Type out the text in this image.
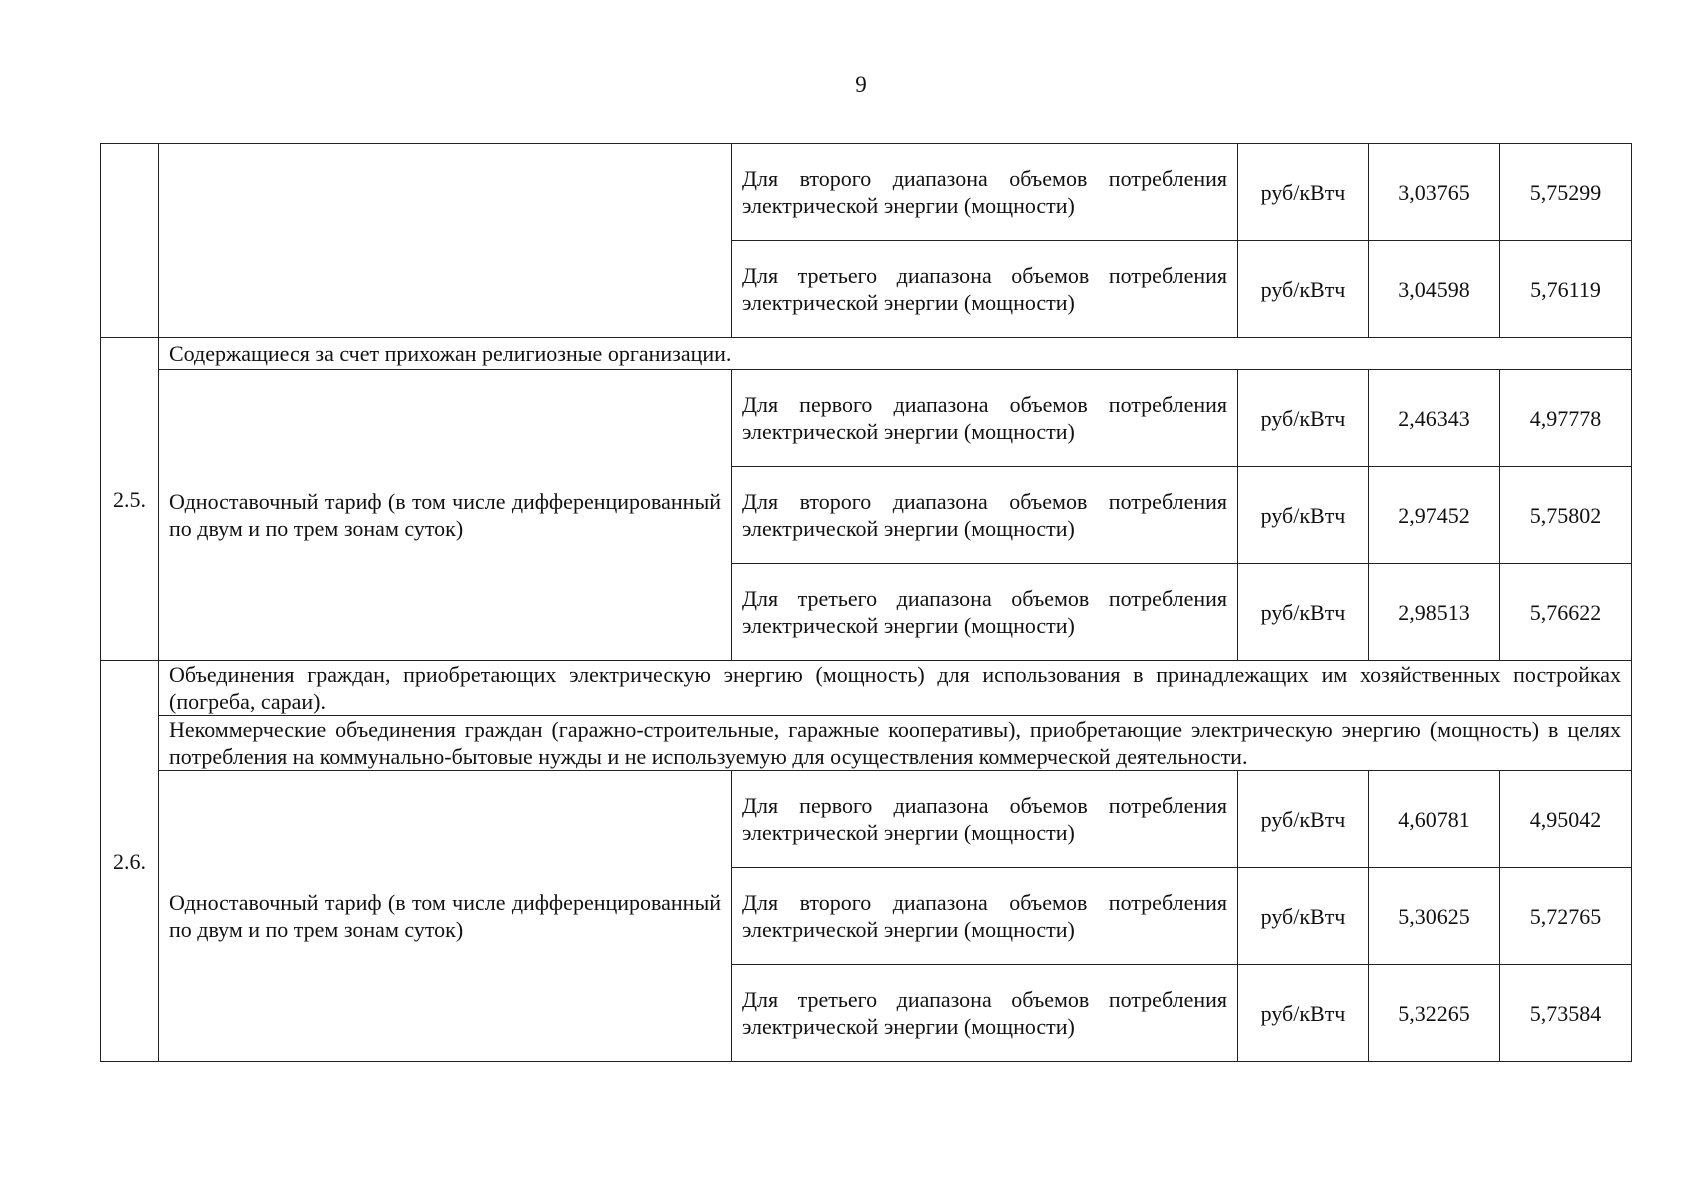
9
		Для второго диапазона объемов потребления электрической энергии (мощности)	руб/кВтч	3,03765	5,75299
		Для третьего диапазона объемов потребления электрической энергии (мощности)	руб/кВтч	3,04598	5,76119
2.5.	Содержащиеся за счет прихожан религиозные организации.				
	Одноставочный тариф (в том числе дифференцированный по двум и по трем зонам суток)	Для первого диапазона объемов потребления электрической энергии (мощности)	руб/кВтч	2,46343	4,97778
		Для второго диапазона объемов потребления электрической энергии (мощности)	руб/кВтч	2,97452	5,75802
		Для третьего диапазона объемов потребления электрической энергии (мощности)	руб/кВтч	2,98513	5,76622
2.6.	Объединения граждан, приобретающих электрическую энергию (мощность) для использования в принадлежащих им хозяйственных постройках (погреба, сараи).				
	Некоммерческие объединения граждан (гаражно-строительные, гаражные кооперативы), приобретающие электрическую энергию (мощность) в целях потребления на коммунально-бытовые нужды и не используемую для осуществления коммерческой деятельности.				
	Одноставочный тариф (в том числе дифференцированный по двум и по трем зонам суток)	Для первого диапазона объемов потребления электрической энергии (мощности)	руб/кВтч	4,60781	4,95042
		Для второго диапазона объемов потребления электрической энергии (мощности)	руб/кВтч	5,30625	5,72765
		Для третьего диапазона объемов потребления электрической энергии (мощности)	руб/кВтч	5,32265	5,73584
